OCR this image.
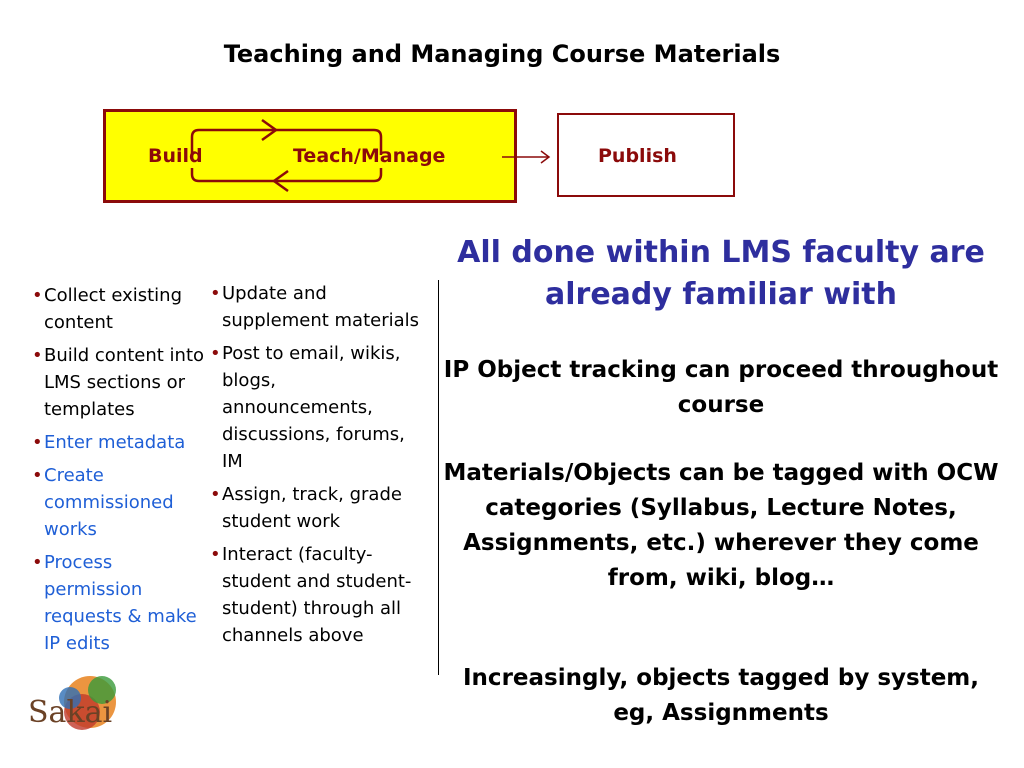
Teaching and Managing Course Materials
Build	Teach/Manage	Publish
• Collect existing content
• Build content into LMS sections or templates
• Enter metadata
• Create commissioned works
• Process permission requests & make IP edits
• Update and supplement materials
• Post to email, wikis, blogs, announcements, discussions, forums, IM
• Assign, track, grade student work
• Interact (faculty-student and student-student) through all channels above
All done within LMS faculty are already familiar with
IP Object tracking can proceed throughout course
Materials/Objects can be tagged with OCW categories (Syllabus, Lecture Notes, Assignments, etc.) wherever they come from, wiki, blog…
Increasingly, objects tagged by system, eg, Assignments
Sakai
